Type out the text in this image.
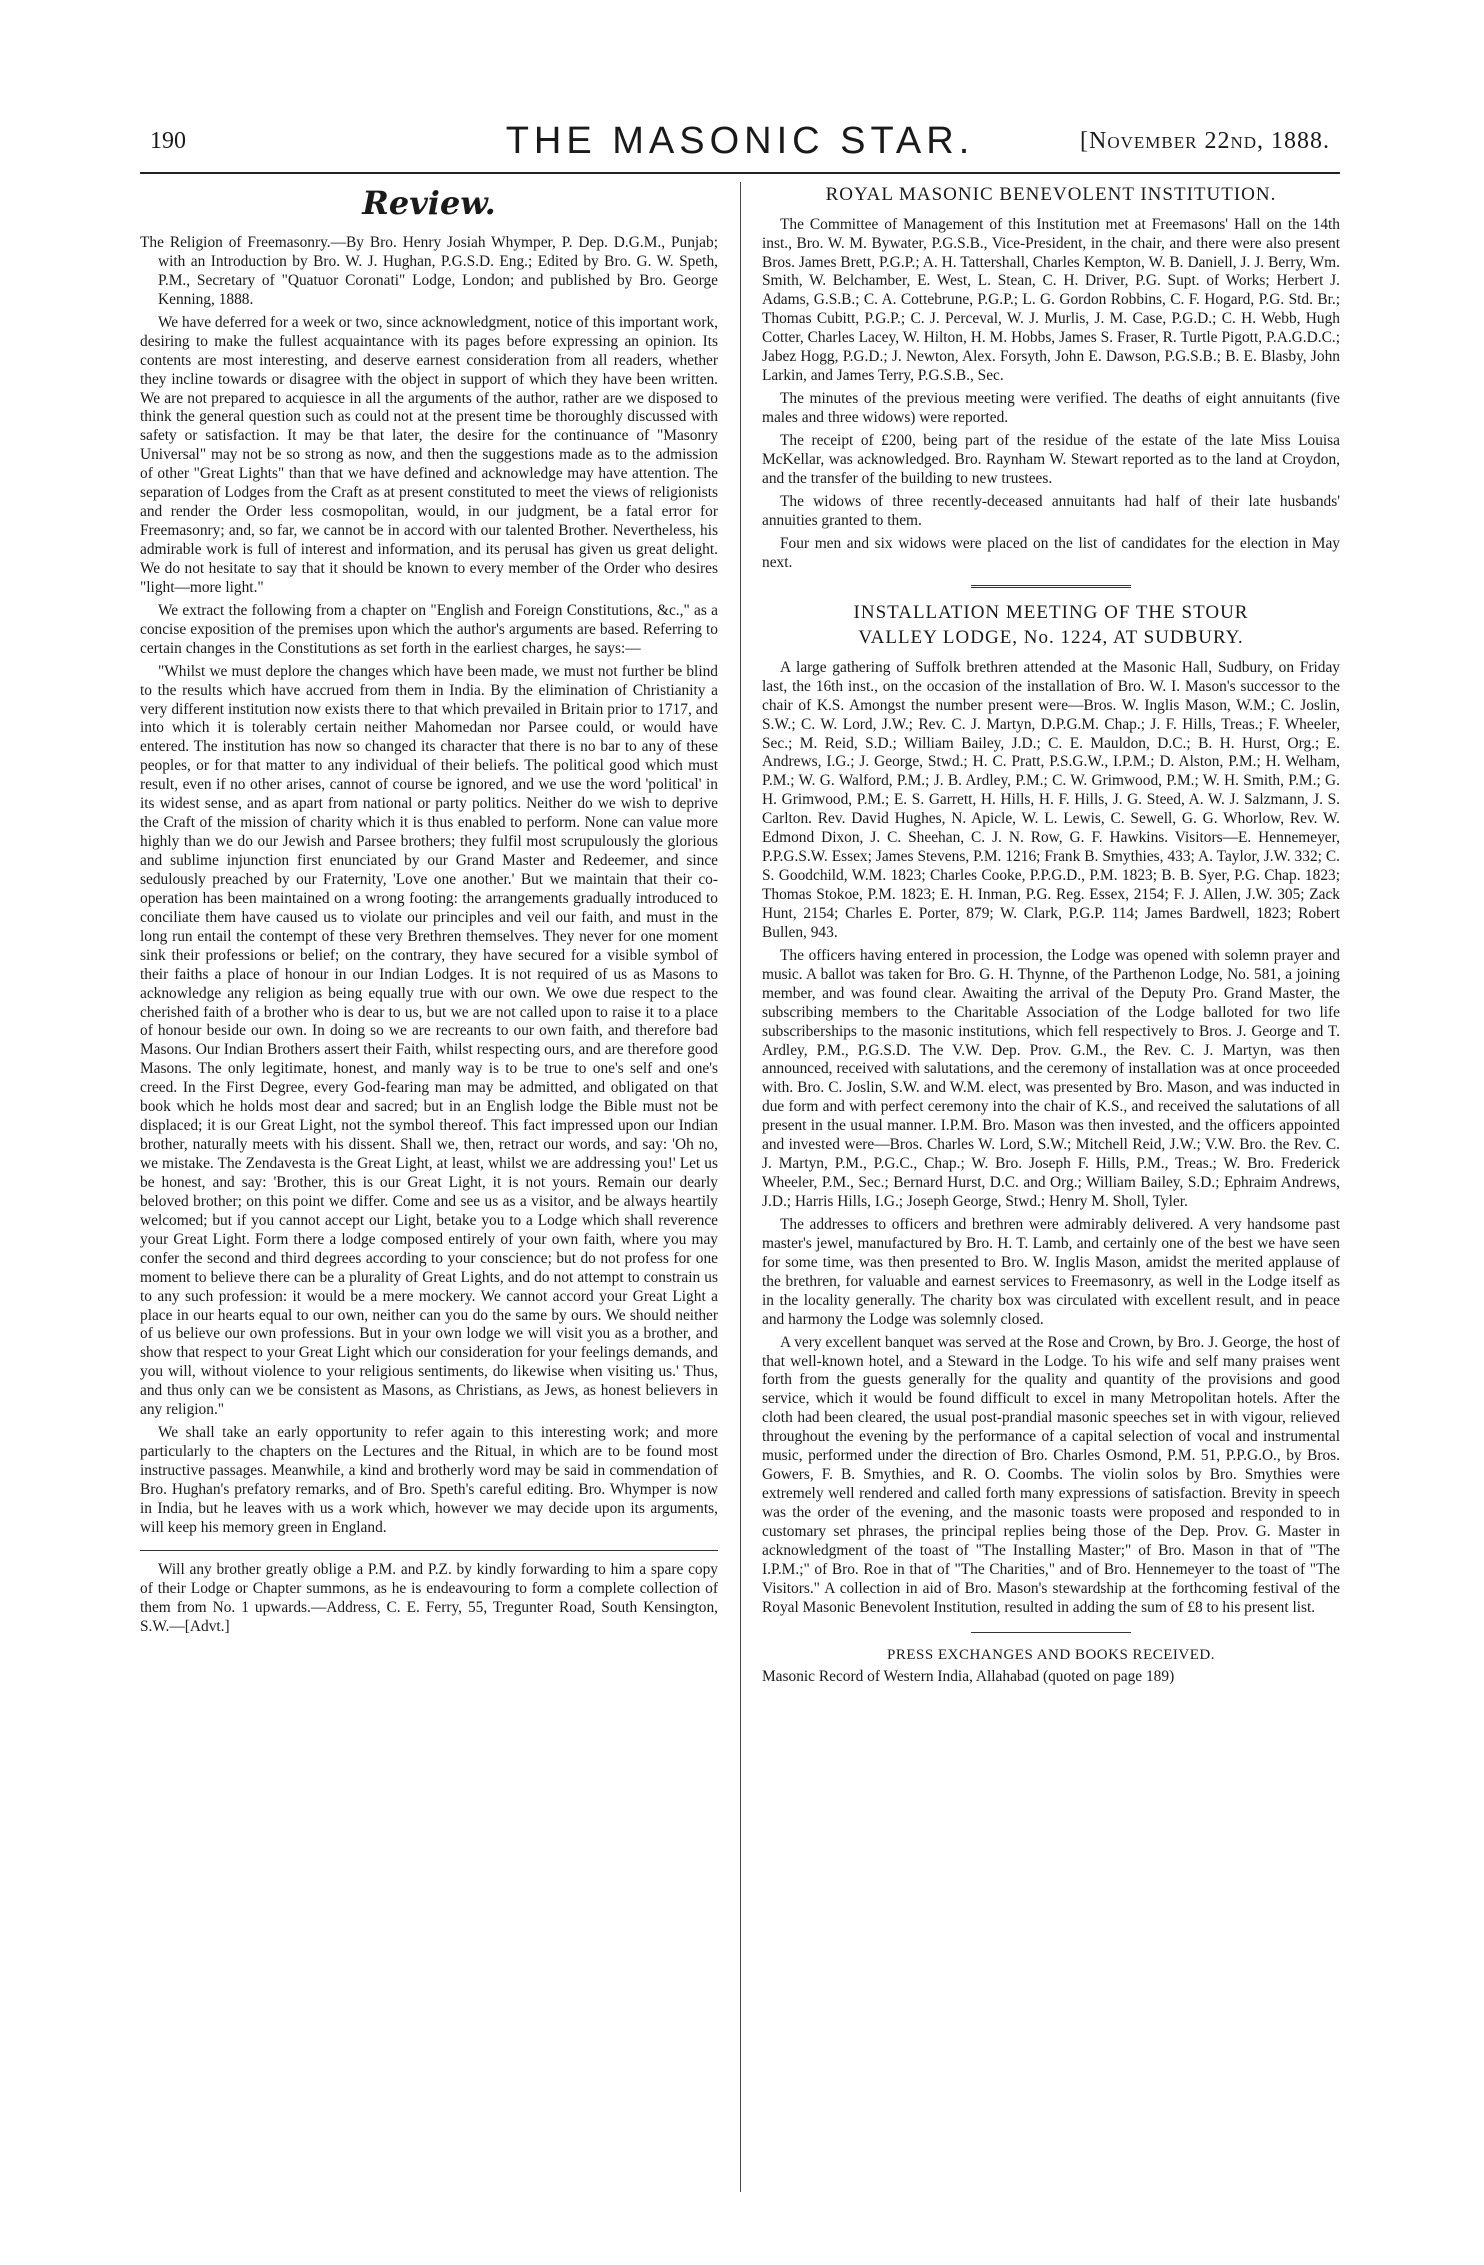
190	THE MASONIC STAR.	[November 22nd, 1888.
Review.

The Religion of Freemasonry.—By Bro. Henry Josiah Whymper, P. Dep. D.G.M., Punjab; with an Introduction by Bro. W. J. Hughan, P.G.S.D. Eng.; Edited by Bro. G. W. Speth, P.M., Secretary of "Quatuor Coronati" Lodge, London; and published by Bro. George Kenning, 1888.

We have deferred for a week or two, since acknowledgment, notice of this important work, desiring to make the fullest acquaintance with its pages before expressing an opinion. Its contents are most interesting, and deserve earnest consideration from all readers, whether they incline towards or disagree with the object in support of which they have been written. We are not prepared to acquiesce in all the arguments of the author, rather are we disposed to think the general question such as could not at the present time be thoroughly discussed with safety or satisfaction. It may be that later, the desire for the continuance of "Masonry Universal" may not be so strong as now, and then the suggestions made as to the admission of other "Great Lights" than that we have defined and acknowledge may have attention. The separation of Lodges from the Craft as at present constituted to meet the views of religionists and render the Order less cosmopolitan, would, in our judgment, be a fatal error for Freemasonry; and, so far, we cannot be in accord with our talented Brother. Nevertheless, his admirable work is full of interest and information, and its perusal has given us great delight. We do not hesitate to say that it should be known to every member of the Order who desires "light—more light."

We extract the following from a chapter on "English and Foreign Constitutions, &c.," as a concise exposition of the premises upon which the author's arguments are based. Referring to certain changes in the Constitutions as set forth in the earliest charges, he says:—

"Whilst we must deplore the changes which have been made, we must not further be blind to the results which have accrued from them in India. By the elimination of Christianity a very different institution now exists there to that which prevailed in Britain prior to 1717, and into which it is tolerably certain neither Mahomedan nor Parsee could, or would have entered. The institution has now so changed its character that there is no bar to any of these peoples, or for that matter to any individual of their beliefs. The political good which must result, even if no other arises, cannot of course be ignored, and we use the word 'political' in its widest sense, and as apart from national or party politics. Neither do we wish to deprive the Craft of the mission of charity which it is thus enabled to perform. None can value more highly than we do our Jewish and Parsee brothers; they fulfil most scrupulously the glorious and sublime injunction first enunciated by our Grand Master and Redeemer, and since sedulously preached by our Fraternity, 'Love one another.' But we maintain that their co-operation has been maintained on a wrong footing: the arrangements gradually introduced to conciliate them have caused us to violate our principles and veil our faith, and must in the long run entail the contempt of these very Brethren themselves. They never for one moment sink their professions or belief; on the contrary, they have secured for a visible symbol of their faiths a place of honour in our Indian Lodges. It is not required of us as Masons to acknowledge any religion as being equally true with our own. We owe due respect to the cherished faith of a brother who is dear to us, but we are not called upon to raise it to a place of honour beside our own. In doing so we are recreants to our own faith, and therefore bad Masons. Our Indian Brothers assert their Faith, whilst respecting ours, and are therefore good Masons. The only legitimate, honest, and manly way is to be true to one's self and one's creed. In the First Degree, every God-fearing man may be admitted, and obligated on that book which he holds most dear and sacred; but in an English lodge the Bible must not be displaced; it is our Great Light, not the symbol thereof. This fact impressed upon our Indian brother, naturally meets with his dissent. Shall we, then, retract our words, and say: 'Oh no, we mistake. The Zendavesta is the Great Light, at least, whilst we are addressing you!' Let us be honest, and say: 'Brother, this is our Great Light, it is not yours. Remain our dearly beloved brother; on this point we differ. Come and see us as a visitor, and be always heartily welcomed; but if you cannot accept our Light, betake you to a Lodge which shall reverence your Great Light. Form there a lodge composed entirely of your own faith, where you may confer the second and third degrees according to your conscience; but do not profess for one moment to believe there can be a plurality of Great Lights, and do not attempt to constrain us to any such profession: it would be a mere mockery. We cannot accord your Great Light a place in our hearts equal to our own, neither can you do the same by ours. We should neither of us believe our own professions. But in your own lodge we will visit you as a brother, and show that respect to your Great Light which our consideration for your feelings demands, and you will, without violence to your religious sentiments, do likewise when visiting us.' Thus, and thus only can we be consistent as Masons, as Christians, as Jews, as honest believers in any religion."

We shall take an early opportunity to refer again to this interesting work; and more particularly to the chapters on the Lectures and the Ritual, in which are to be found most instructive passages. Meanwhile, a kind and brotherly word may be said in commendation of Bro. Hughan's prefatory remarks, and of Bro. Speth's careful editing. Bro. Whymper is now in India, but he leaves with us a work which, however we may decide upon its arguments, will keep his memory green in England.

Will any brother greatly oblige a P.M. and P.Z. by kindly forwarding to him a spare copy of their Lodge or Chapter summons, as he is endeavouring to form a complete collection of them from No. 1 upwards.—Address, C. E. Ferry, 55, Tregunter Road, South Kensington, S.W.—[Advt.]

ROYAL MASONIC BENEVOLENT INSTITUTION.

The Committee of Management of this Institution met at Freemasons' Hall on the 14th inst., Bro. W. M. Bywater, P.G.S.B., Vice-President, in the chair, and there were also present Bros. James Brett, P.G.P.; A. H. Tattershall, Charles Kempton, W. B. Daniell, J. J. Berry, Wm. Smith, W. Belchamber, E. West, L. Stean, C. H. Driver, P.G. Supt. of Works; Herbert J. Adams, G.S.B.; C. A. Cottebrune, P.G.P.; L. G. Gordon Robbins, C. F. Hogard, P.G. Std. Br.; Thomas Cubitt, P.G.P.; C. J. Perceval, W. J. Murlis, J. M. Case, P.G.D.; C. H. Webb, Hugh Cotter, Charles Lacey, W. Hilton, H. M. Hobbs, James S. Fraser, R. Turtle Pigott, P.A.G.D.C.; Jabez Hogg, P.G.D.; J. Newton, Alex. Forsyth, John E. Dawson, P.G.S.B.; B. E. Blasby, John Larkin, and James Terry, P.G.S.B., Sec.

The minutes of the previous meeting were verified. The deaths of eight annuitants (five males and three widows) were reported.

The receipt of £200, being part of the residue of the estate of the late Miss Louisa McKellar, was acknowledged. Bro. Raynham W. Stewart reported as to the land at Croydon, and the transfer of the building to new trustees.

The widows of three recently-deceased annuitants had half of their late husbands' annuities granted to them.

Four men and six widows were placed on the list of candidates for the election in May next.

INSTALLATION MEETING OF THE STOUR
VALLEY LODGE, No. 1224, AT SUDBURY.

A large gathering of Suffolk brethren attended at the Masonic Hall, Sudbury, on Friday last, the 16th inst., on the occasion of the installation of Bro. W. I. Mason's successor to the chair of K.S. Amongst the number present were—Bros. W. Inglis Mason, W.M.; C. Joslin, S.W.; C. W. Lord, J.W.; Rev. C. J. Martyn, D.P.G.M. Chap.; J. F. Hills, Treas.; F. Wheeler, Sec.; M. Reid, S.D.; William Bailey, J.D.; C. E. Mauldon, D.C.; B. H. Hurst, Org.; E. Andrews, I.G.; J. George, Stwd.; H. C. Pratt, P.S.G.W., I.P.M.; D. Alston, P.M.; H. Welham, P.M.; W. G. Walford, P.M.; J. B. Ardley, P.M.; C. W. Grimwood, P.M.; W. H. Smith, P.M.; G. H. Grimwood, P.M.; E. S. Garrett, H. Hills, H. F. Hills, J. G. Steed, A. W. J. Salzmann, J. S. Carlton. Rev. David Hughes, N. Apicle, W. L. Lewis, C. Sewell, G. G. Whorlow, Rev. W. Edmond Dixon, J. C. Sheehan, C. J. N. Row, G. F. Hawkins. Visitors—E. Hennemeyer, P.P.G.S.W. Essex; James Stevens, P.M. 1216; Frank B. Smythies, 433; A. Taylor, J.W. 332; C. S. Goodchild, W.M. 1823; Charles Cooke, P.P.G.D., P.M. 1823; B. B. Syer, P.G. Chap. 1823; Thomas Stokoe, P.M. 1823; E. H. Inman, P.G. Reg. Essex, 2154; F. J. Allen, J.W. 305; Zack Hunt, 2154; Charles E. Porter, 879; W. Clark, P.G.P. 114; James Bardwell, 1823; Robert Bullen, 943.

The officers having entered in procession, the Lodge was opened with solemn prayer and music. A ballot was taken for Bro. G. H. Thynne, of the Parthenon Lodge, No. 581, a joining member, and was found clear. Awaiting the arrival of the Deputy Pro. Grand Master, the subscribing members to the Charitable Association of the Lodge balloted for two life subscriberships to the masonic institutions, which fell respectively to Bros. J. George and T. Ardley, P.M., P.G.S.D. The V.W. Dep. Prov. G.M., the Rev. C. J. Martyn, was then announced, received with salutations, and the ceremony of installation was at once proceeded with. Bro. C. Joslin, S.W. and W.M. elect, was presented by Bro. Mason, and was inducted in due form and with perfect ceremony into the chair of K.S., and received the salutations of all present in the usual manner. I.P.M. Bro. Mason was then invested, and the officers appointed and invested were—Bros. Charles W. Lord, S.W.; Mitchell Reid, J.W.; V.W. Bro. the Rev. C. J. Martyn, P.M., P.G.C., Chap.; W. Bro. Joseph F. Hills, P.M., Treas.; W. Bro. Frederick Wheeler, P.M., Sec.; Bernard Hurst, D.C. and Org.; William Bailey, S.D.; Ephraim Andrews, J.D.; Harris Hills, I.G.; Joseph George, Stwd.; Henry M. Sholl, Tyler.

The addresses to officers and brethren were admirably delivered. A very handsome past master's jewel, manufactured by Bro. H. T. Lamb, and certainly one of the best we have seen for some time, was then presented to Bro. W. Inglis Mason, amidst the merited applause of the brethren, for valuable and earnest services to Freemasonry, as well in the Lodge itself as in the locality generally. The charity box was circulated with excellent result, and in peace and harmony the Lodge was solemnly closed.

A very excellent banquet was served at the Rose and Crown, by Bro. J. George, the host of that well-known hotel, and a Steward in the Lodge. To his wife and self many praises went forth from the guests generally for the quality and quantity of the provisions and good service, which it would be found difficult to excel in many Metropolitan hotels. After the cloth had been cleared, the usual post-prandial masonic speeches set in with vigour, relieved throughout the evening by the performance of a capital selection of vocal and instrumental music, performed under the direction of Bro. Charles Osmond, P.M. 51, P.P.G.O., by Bros. Gowers, F. B. Smythies, and R. O. Coombs. The violin solos by Bro. Smythies were extremely well rendered and called forth many expressions of satisfaction. Brevity in speech was the order of the evening, and the masonic toasts were proposed and responded to in customary set phrases, the principal replies being those of the Dep. Prov. G. Master in acknowledgment of the toast of "The Installing Master;" of Bro. Mason in that of "The I.P.M.;" of Bro. Roe in that of "The Charities," and of Bro. Hennemeyer to the toast of "The Visitors." A collection in aid of Bro. Mason's stewardship at the forthcoming festival of the Royal Masonic Benevolent Institution, resulted in adding the sum of £8 to his present list.

PRESS EXCHANGES AND BOOKS RECEIVED.

Masonic Record of Western India, Allahabad (quoted on page 189)
